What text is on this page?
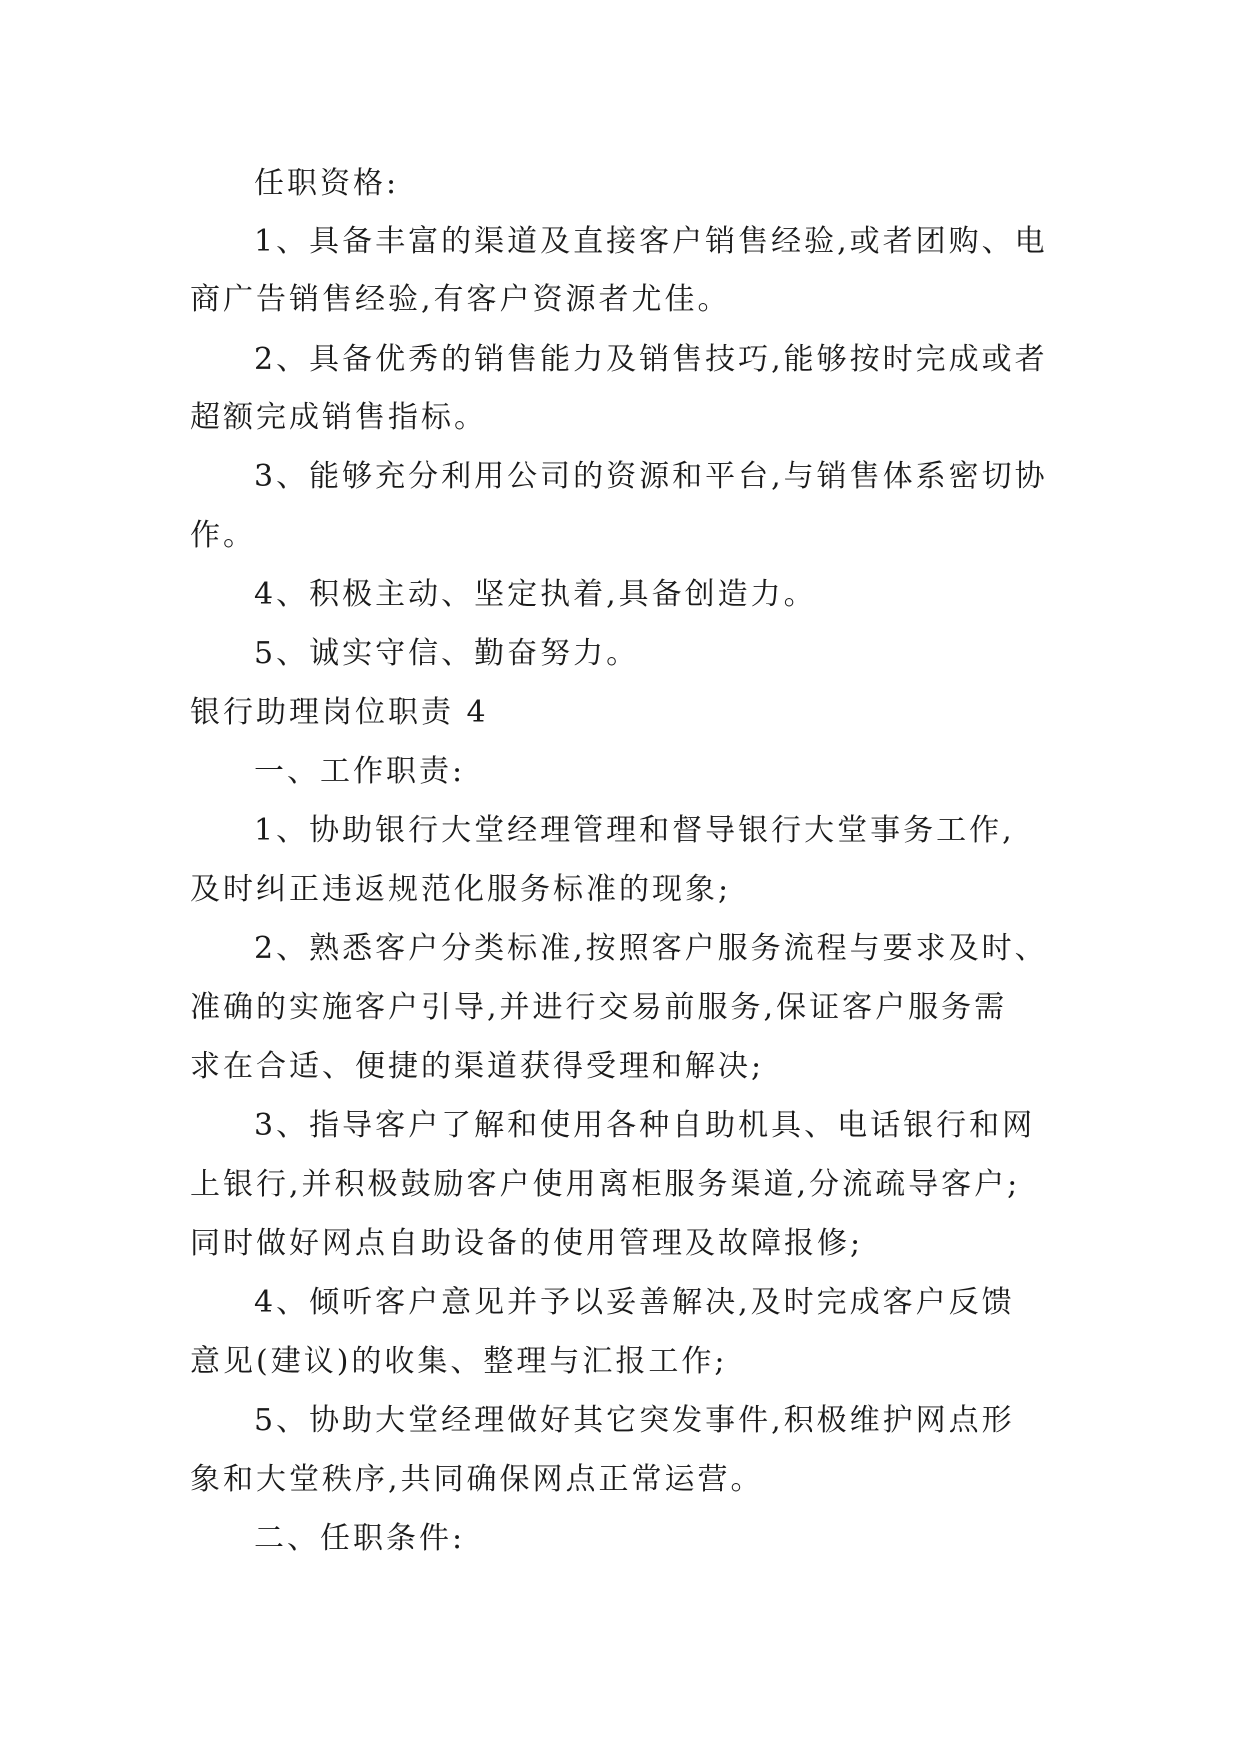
任职资格:
1、具备丰富的渠道及直接客户销售经验,或者团购、电
商广告销售经验,有客户资源者尤佳。
2、具备优秀的销售能力及销售技巧,能够按时完成或者
超额完成销售指标。
3、能够充分利用公司的资源和平台,与销售体系密切协
作。
4、积极主动、坚定执着,具备创造力。
5、诚实守信、勤奋努力。
银行助理岗位职责 4
一、工作职责:
1、协助银行大堂经理管理和督导银行大堂事务工作,
及时纠正违返规范化服务标准的现象;
2、熟悉客户分类标准,按照客户服务流程与要求及时、
准确的实施客户引导,并进行交易前服务,保证客户服务需
求在合适、便捷的渠道获得受理和解决;
3、指导客户了解和使用各种自助机具、电话银行和网
上银行,并积极鼓励客户使用离柜服务渠道,分流疏导客户;
同时做好网点自助设备的使用管理及故障报修;
4、倾听客户意见并予以妥善解决,及时完成客户反馈
意见(建议)的收集、整理与汇报工作;
5、协助大堂经理做好其它突发事件,积极维护网点形
象和大堂秩序,共同确保网点正常运营。
二、任职条件:
